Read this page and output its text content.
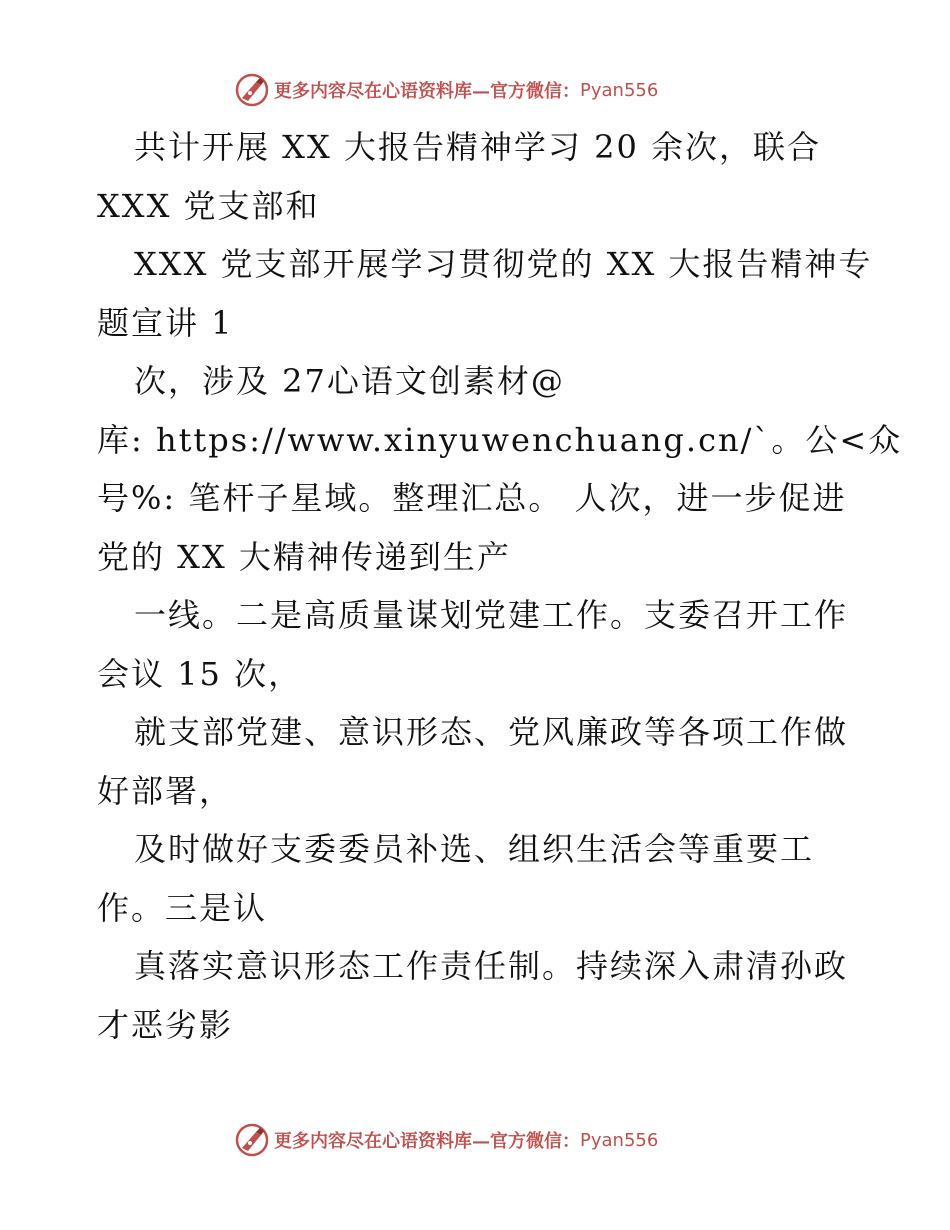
更多内容尽在心语资料库—官方微信： Pyan556
共计开展 XX 大报告精神学习 20 余次，联合
XXX 党支部和
XXX 党支部开展学习贯彻党的 XX 大报告精神专
题宣讲 1
次，涉及 27心语文创素材@
库: https://www.xinyuwenchuang.cn/`。公<众
号%: 笔杆子星域。整理汇总。 人次，进一步促进
党的 XX 大精神传递到生产
一线。二是高质量谋划党建工作。支委召开工作
会议 15 次，
就支部党建、意识形态、党风廉政等各项工作做
好部署，
及时做好支委委员补选、组织生活会等重要工
作。三是认
真落实意识形态工作责任制。持续深入肃清孙政
才恶劣影
更多内容尽在心语资料库—官方微信： Pyan556
